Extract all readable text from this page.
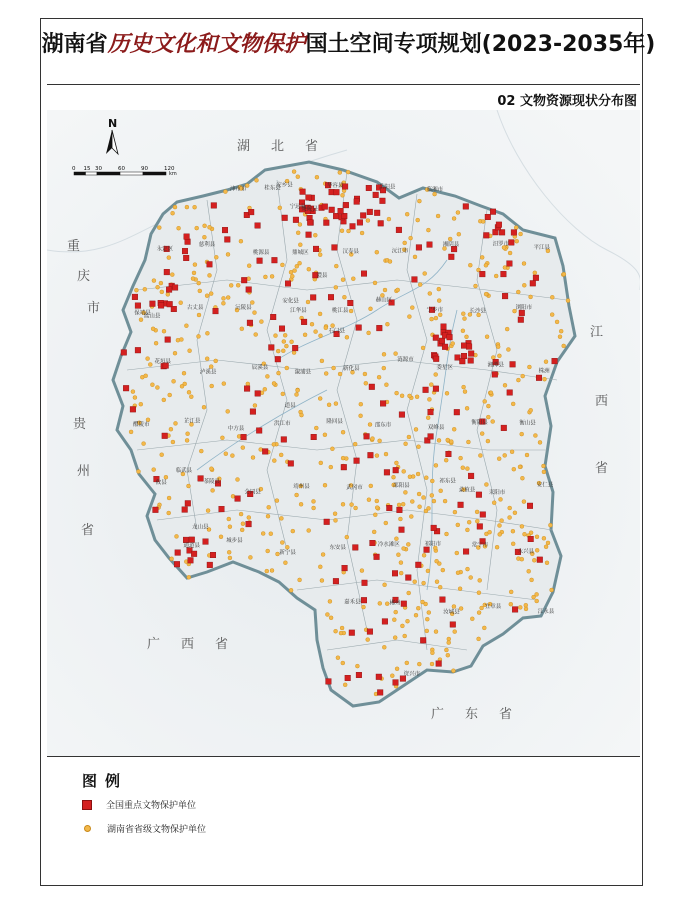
湖南省 历史文化和文物保护 国土空间专项规划(2023-2035年)
02 文物资源现状分布图
石门县
澧县
津市市
安乡县	华容县	岳阳县	临湘市
龙山县
桑植县
永定区
慈利县
桃源县	鼎城区	汉寿县	沅江市
湘阴县	汨罗市
平江县
保靖县
古丈县	沅陵县
安化县
桃江县
赫山区
宁乡市	长沙县
浏阳市
花垣县
泸溪县
辰溪县
溆浦县
新化县
涟源市
娄星区	湘潭县
株洲
醴陵市
芷江县
中方县
洪江市	隆回县
邵东市	双峰县
衡阳县	衡山县
攸县	茶陵县
会同县
靖州县	武冈市	邵阳县
祁东县
耒阳市
安仁县
炎陵县
通道县
城步县
新宁县
东安县
冷水滩区	祁阳市	常宁市
永兴县
资兴市
桂东县
道县
宁远县
嘉禾县	郴州
汝城县
宜章县
江永县
江华县
蓝山县
临武县
湖　北　省
重
庆
市
贵
州
省
江
西
省
广　西　省
广　东　省
N
0 15 30	60	90	120
km
图例
全国重点文物保护单位
湖南省省级文物保护单位
